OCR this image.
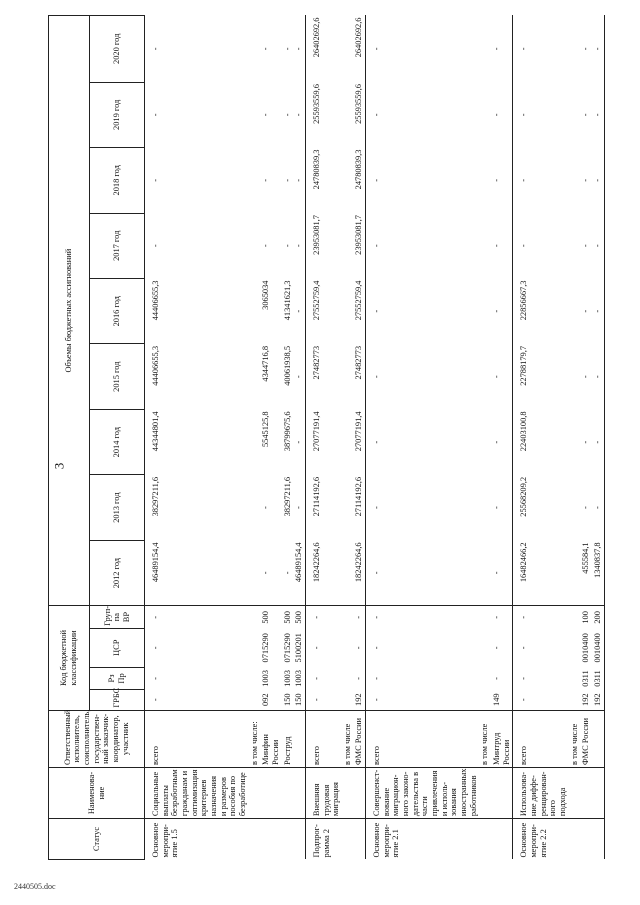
3
Статус	Наименова-ние	Ответственный исполнитель, соисполнитель, государствен-ный заказчик-координатор, участник	Код бюджетной классификации				Объемы бюджетных ассигнований								
			ГРБС	Рз Пр	ЦСР	Груп-па ВР	2012 год	2013 год	2014 год	2015 год	2016 год	2017 год	2018 год	2019 год	2020 год
Основное меропри-ятие 1.5	Социальные выплаты безработным гражданам и оптимизация критериев назначения и размеров пособия по безработице	всего	-	-	-	-	46489154,4	38297211,6	44344801,4	44406655,3	44406655,3	-	-	-	-
		в том числе:													
		Минфин России	092	1003	0715290	500	-	-	5545125,8	4344716,8	3065034	-	-	-	-
		Роструд	150	1003	0715290	500	-	38297211,6	38799675,6	40061938,5	41341621,3	-	-	-	-
			150	1003	5100201	500	46489154,4	-	-	-	-	-	-	-	-
Подпрог-рамма 2	Внешняя трудовая миграция	всего	-	-	-	-	18242264,6	27114192,6	27077191,4	27482773	27552759,4	23953081,7	24780839,3	25593559,6	26402692,6
		в том числе													
		ФМС России	192	-	-	-	18242264,6	27114192,6	27077191,4	27482773	27552759,4	23953081,7	24780839,3	25593559,6	26402692,6
Основное меропри-ятие 2.1	Совершенст-вование миграцион-ного законо-дательства в части привлечения и исполь-зования иностранных работников	всего	-	-	-	-	-	-	-	-	-	-	-	-	-
		в том числе													
		Минтруд России	149	-	-	-	-	-	-	-	-	-	-	-	-
Основное меропри-ятие 2.2	Использова-ние диффе-ренцирован-ного подхода	всего	-	-	-	-	16482466,2	25568209,2	22403100,8	22788179,7	22856667,3	-	-	-	-
		в том числе													
		ФМС России	192	0311	0010400	100	455584,1	-	-	-	-	-	-	-	-
			192	0311	0010400	200	1340837,8	-	-	-	-	-	-	-	-
2440505.doc
